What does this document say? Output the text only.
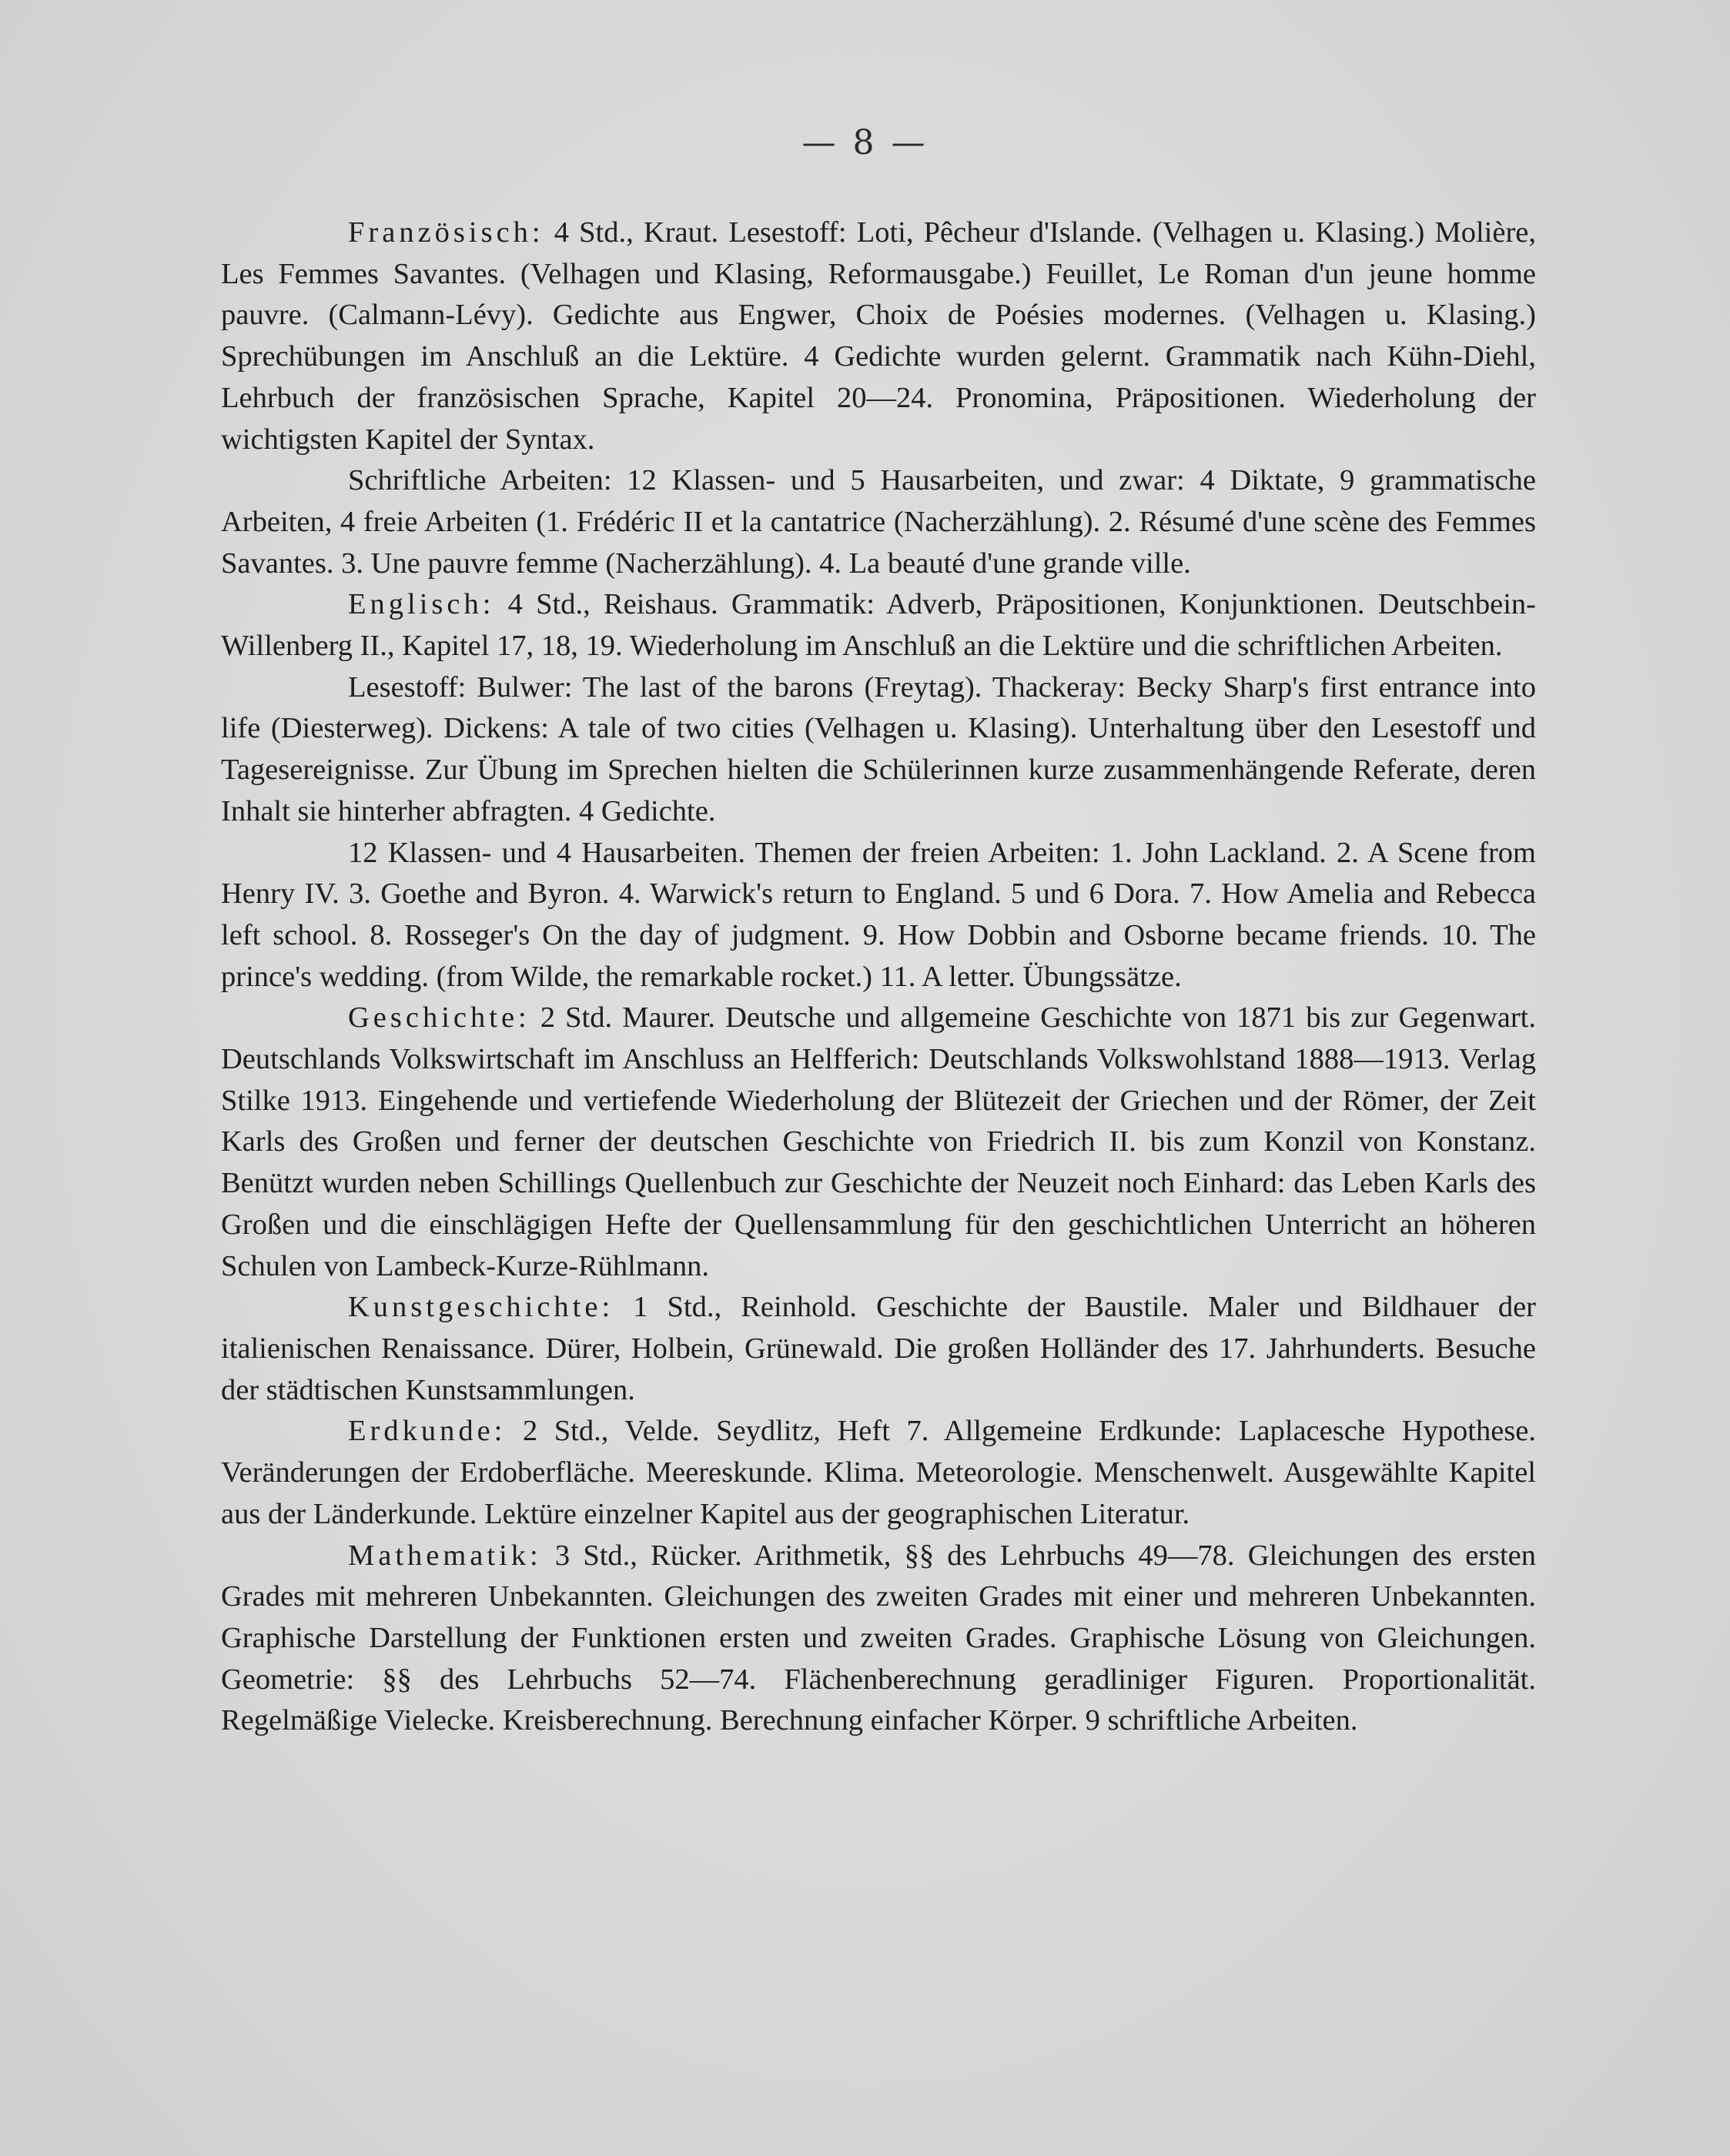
— 8 —

Französisch: 4 Std., Kraut. Lesestoff: Loti, Pêcheur d'Islande. (Velhagen u. Klasing.) Molière, Les Femmes Savantes. (Velhagen und Klasing, Reformausgabe.) Feuillet, Le Roman d'un jeune homme pauvre. (Calmann-Lévy). Gedichte aus Engwer, Choix de Poésies modernes. (Velhagen u. Klasing.) Sprechübungen im Anschluß an die Lektüre. 4 Gedichte wurden gelernt. Grammatik nach Kühn-Diehl, Lehrbuch der französischen Sprache, Kapitel 20—24. Pronomina, Präpositionen. Wiederholung der wichtigsten Kapitel der Syntax.

Schriftliche Arbeiten: 12 Klassen- und 5 Hausarbeiten, und zwar: 4 Diktate, 9 grammatische Arbeiten, 4 freie Arbeiten (1. Frédéric II et la cantatrice (Nacherzählung). 2. Résumé d'une scène des Femmes Savantes. 3. Une pauvre femme (Nacherzählung). 4. La beauté d'une grande ville.

Englisch: 4 Std., Reishaus. Grammatik: Adverb, Präpositionen, Konjunktionen. Deutschbein-Willenberg II., Kapitel 17, 18, 19. Wiederholung im Anschluß an die Lektüre und die schriftlichen Arbeiten.

Lesestoff: Bulwer: The last of the barons (Freytag). Thackeray: Becky Sharp's first entrance into life (Diesterweg). Dickens: A tale of two cities (Velhagen u. Klasing). Unterhaltung über den Lesestoff und Tagesereignisse. Zur Übung im Sprechen hielten die Schülerinnen kurze zusammenhängende Referate, deren Inhalt sie hinterher abfragten. 4 Gedichte.

12 Klassen- und 4 Hausarbeiten. Themen der freien Arbeiten: 1. John Lackland. 2. A Scene from Henry IV. 3. Goethe and Byron. 4. Warwick's return to England. 5 und 6 Dora. 7. How Amelia and Rebecca left school. 8. Rosseger's On the day of judgment. 9. How Dobbin and Osborne became friends. 10. The prince's wedding. (from Wilde, the remarkable rocket.) 11. A letter. Übungssätze.

Geschichte: 2 Std. Maurer. Deutsche und allgemeine Geschichte von 1871 bis zur Gegenwart. Deutschlands Volkswirtschaft im Anschluss an Helfferich: Deutschlands Volkswohlstand 1888—1913. Verlag Stilke 1913. Eingehende und vertiefende Wiederholung der Blütezeit der Griechen und der Römer, der Zeit Karls des Großen und ferner der deutschen Geschichte von Friedrich II. bis zum Konzil von Konstanz. Benützt wurden neben Schillings Quellenbuch zur Geschichte der Neuzeit noch Einhard: das Leben Karls des Großen und die einschlägigen Hefte der Quellensammlung für den geschichtlichen Unterricht an höheren Schulen von Lambeck-Kurze-Rühlmann.

Kunstgeschichte: 1 Std., Reinhold. Geschichte der Baustile. Maler und Bildhauer der italienischen Renaissance. Dürer, Holbein, Grünewald. Die großen Holländer des 17. Jahrhunderts. Besuche der städtischen Kunstsammlungen.

Erdkunde: 2 Std., Velde. Seydlitz, Heft 7. Allgemeine Erdkunde: Laplacesche Hypothese. Veränderungen der Erdoberfläche. Meereskunde. Klima. Meteorologie. Menschenwelt. Ausgewählte Kapitel aus der Länderkunde. Lektüre einzelner Kapitel aus der geographischen Literatur.

Mathematik: 3 Std., Rücker. Arithmetik, §§ des Lehrbuchs 49—78. Gleichungen des ersten Grades mit mehreren Unbekannten. Gleichungen des zweiten Grades mit einer und mehreren Unbekannten. Graphische Darstellung der Funktionen ersten und zweiten Grades. Graphische Lösung von Gleichungen. Geometrie: §§ des Lehrbuchs 52—74. Flächenberechnung geradliniger Figuren. Proportionalität. Regelmäßige Vielecke. Kreisberechnung. Berechnung einfacher Körper. 9 schriftliche Arbeiten.
